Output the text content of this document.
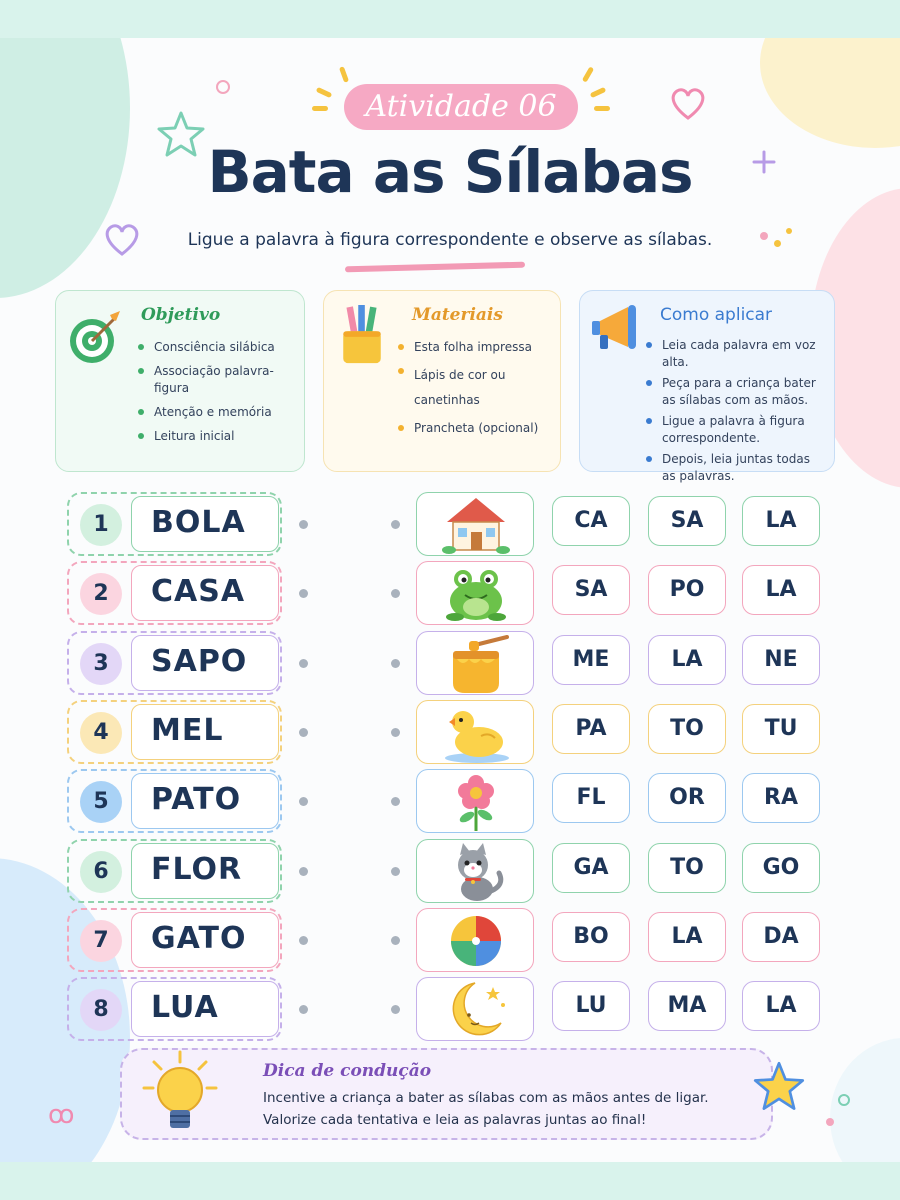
Atividade 06
Bata as Sílabas
Ligue a palavra à figura correspondente e observe as sílabas.
Objetivo
Consciência silábica
Associação palavra-figura
Atenção e memória
Leitura inicial
Materiais
Esta folha impressa
Lápis de cor ou canetinhas
Prancheta (opcional)
Como aplicar
Leia cada palavra em voz alta.
Peça para a criança bater as sílabas com as mãos.
Ligue a palavra à figura correspondente.
Depois, leia juntas todas as palavras.
1	BOLA	CA	SA	LA
2	CASA	SA	PO	LA
3	SAPO	ME	LA	NE
4	MEL	PA	TO	TU
5	PATO	FL	OR	RA
6	FLOR	GA	TO	GO
7	GATO	BO	LA	DA
8	LUA	LU	MA	LA
Dica de condução
Incentive a criança a bater as sílabas com as mãos antes de ligar.
Valorize cada tentativa e leia as palavras juntas ao final!
ꝏ
